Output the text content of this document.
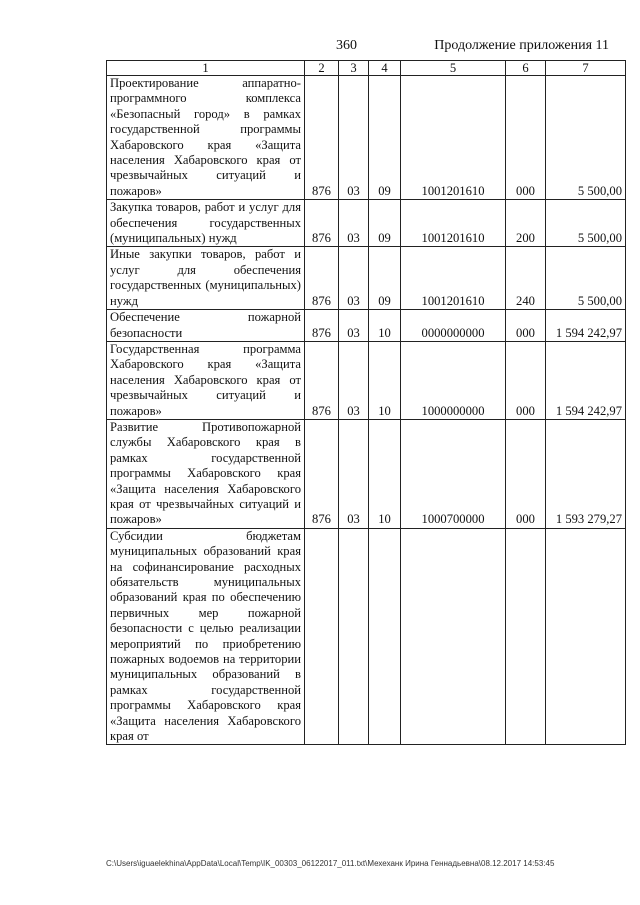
360	Продолжение приложения 11
1	2	3	4	5	6	7
Проектирование аппаратно-программного комплекса «Безопасный город» в рамках государственной программы Хабаровского края «Защита населения Хабаровского края от чрезвычайных ситуаций и пожаров»	876	03	09	1001201610	000	5 500,00
Закупка товаров, работ и услуг для обеспечения государственных (муниципальных) нужд	876	03	09	1001201610	200	5 500,00
Иные закупки товаров, работ и услуг для обеспечения государственных (муниципальных) нужд	876	03	09	1001201610	240	5 500,00
Обеспечение пожарной безопасности	876	03	10	0000000000	000	1 594 242,97
Государственная программа Хабаровского края «Защита населения Хабаровского края от чрезвычайных ситуаций и пожаров»	876	03	10	1000000000	000	1 594 242,97
Развитие Противопожарной службы Хабаровского края в рамках государственной программы Хабаровского края «Защита населения Хабаровского края от чрезвычайных ситуаций и пожаров»	876	03	10	1000700000	000	1 593 279,27
Субсидии бюджетам муниципальных образований края на софинансирование расходных обязательств муниципальных образований края по обеспечению первичных мер пожарной безопасности с целью реализации мероприятий по приобретению пожарных водоемов на территории муниципальных образований в рамках государственной программы Хабаровского края «Защита населения Хабаровского края от						
C:\Users\iguaelekhina\AppData\Local\Temp\IK_00303_06122017_011.txt\Мехеханк Ирина Геннадьевна\08.12.2017 14:53:45
